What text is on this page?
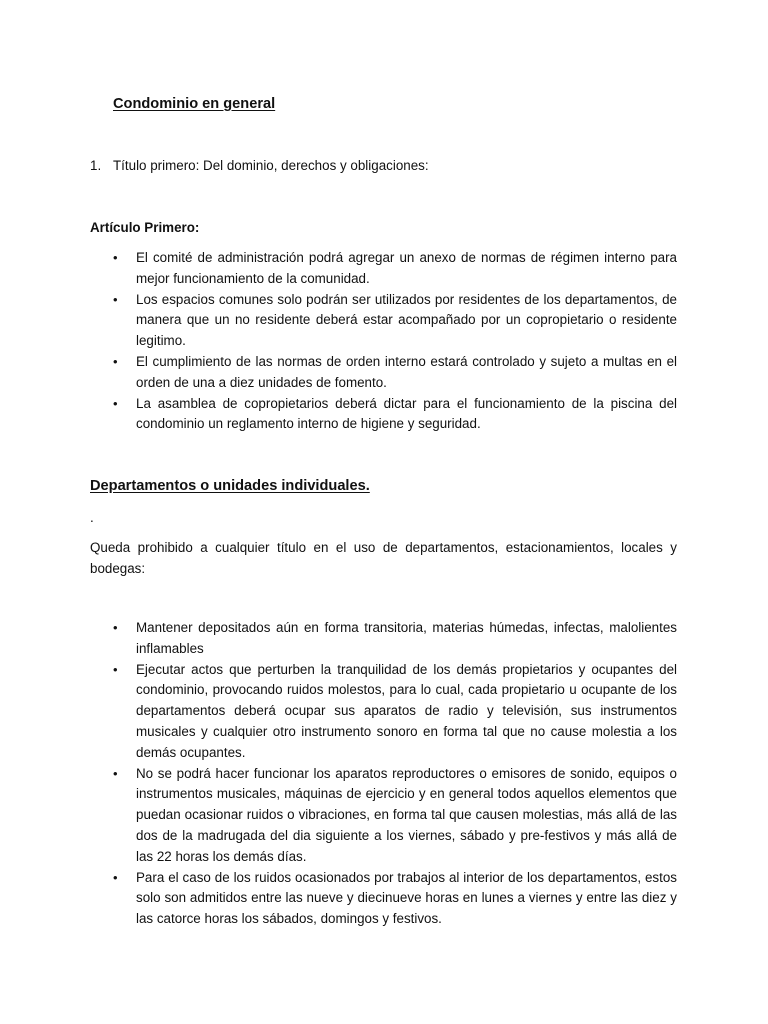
Condominio en general
1. Título primero: Del dominio, derechos y obligaciones:
Artículo Primero:
• El comité de administración podrá agregar un anexo de normas de régimen interno para mejor funcionamiento de la comunidad.
• Los espacios comunes solo podrán ser utilizados por residentes de los departamentos, de manera que un no residente deberá estar acompañado por un copropietario o residente legitimo.
• El cumplimiento de las normas de orden interno estará controlado y sujeto a multas en el orden de una a diez unidades de fomento.
• La asamblea de copropietarios deberá dictar para el funcionamiento de la piscina del condominio un reglamento interno de higiene y seguridad.
Departamentos o unidades individuales.
.
Queda prohibido a cualquier título en el uso de departamentos, estacionamientos, locales y bodegas:
• Mantener depositados aún en forma transitoria, materias húmedas, infectas, malolientes inflamables
• Ejecutar actos que perturben la tranquilidad de los demás propietarios y ocupantes del condominio, provocando ruidos molestos, para lo cual, cada propietario u ocupante de los departamentos deberá ocupar sus aparatos de radio y televisión, sus instrumentos musicales y cualquier otro instrumento sonoro en forma tal que no cause molestia a los demás ocupantes.
• No se podrá hacer funcionar los aparatos reproductores o emisores de sonido, equipos o instrumentos musicales, máquinas de ejercicio y en general todos aquellos elementos que puedan ocasionar ruidos o vibraciones, en forma tal que causen molestias, más allá de las dos de la madrugada del dia siguiente a los viernes, sábado y pre-festivos y más allá de las 22 horas los demás días.
• Para el caso de los ruidos ocasionados por trabajos al interior de los departamentos, estos solo son admitidos entre las nueve y diecinueve horas en lunes a viernes y entre las diez y las catorce horas los sábados, domingos y festivos.
